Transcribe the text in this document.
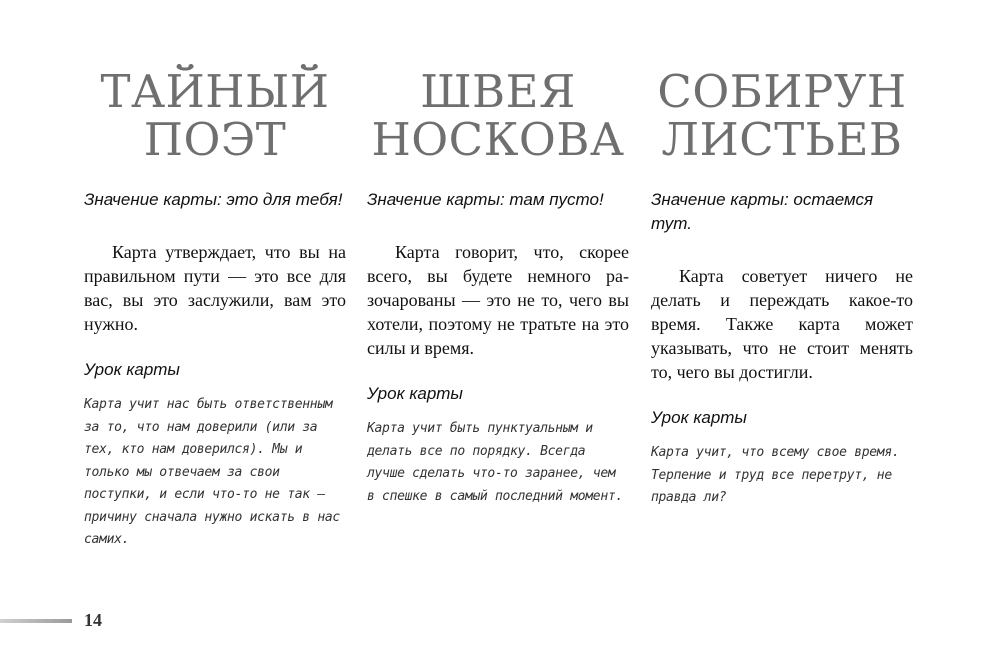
ТАЙНЫЙ
ПОЭТ
Значение карты: это для тебя!
Карта утверждает, что вы на правильном пути — это все для вас, вы это заслужили, вам это нужно.
Урок карты
Карта учит нас быть ответственным за то, что нам доверили (или за тех, кто нам доверился). Мы и только мы отвечаем за свои поступки, и если что-то не так — причину сначала нужно искать в нас самих.
ШВЕЯ
НОСКОВА
Значение карты: там пусто!
Карта говорит, что, скорее всего, вы будете немного разочарованы — это не то, чего вы хотели, поэтому не тратьте на это силы и время.
Урок карты
Карта учит быть пунктуальным и делать все по порядку. Всегда лучше сделать что-то заранее, чем в спешке в самый последний момент.
СОБИРУН
ЛИСТЬЕВ
Значение карты: остаемся тут.
Карта советует ничего не делать и переждать какое-то время. Также карта может указывать, что не стоит менять то, чего вы достигли.
Урок карты
Карта учит, что всему свое время. Терпение и труд все перетрут, не правда ли?
14
